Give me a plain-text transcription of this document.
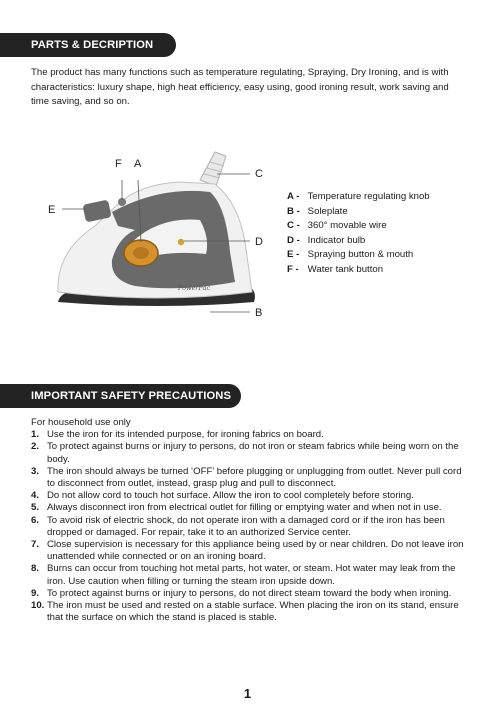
PARTS & DECRIPTION
The product has many functions such as temperature regulating, Spraying, Dry Ironing, and is with characteristics: luxury shape, high heat efficiency, easy using, good ironing result, work saving and time saving, and so on.
PowerPac
F A
C
E
D
B
A - Temperature regulating knob
B - Soleplate
C - 360° movable wire
D - Indicator bulb
E - Spraying button & mouth
F - Water tank button
IMPORTANT SAFETY PRECAUTIONS
For household use only
1. Use the iron for its intended purpose, for ironing fabrics on board.
2. To protect against burns or injury to persons, do not iron or steam fabrics while being worn on the body.
3. The iron should always be turned ‘OFF’ before plugging or unplugging from outlet. Never pull cord to disconnect from outlet, instead, grasp plug and pull to disconnect.
4. Do not allow cord to touch hot surface. Allow the iron to cool completely before storing.
5. Always disconnect iron from electrical outlet for filling or emptying water and when not in use.
6. To avoid risk of electric shock, do not operate iron with a damaged cord or if the iron has been dropped or damaged. For repair, take it to an authorized Service center.
7. Close supervision is necessary for this appliance being used by or near children. Do not leave iron unattended while connected or on an ironing board.
8. Burns can occur from touching hot metal parts, hot water, or steam. Hot water may leak from the iron. Use caution when filling or turning the steam iron upside down.
9. To protect against burns or injury to persons, do not direct steam toward the body when ironing.
10. The iron must be used and rested on a stable surface. When placing the iron on its stand, ensure that the surface on which the stand is placed is stable.
1
